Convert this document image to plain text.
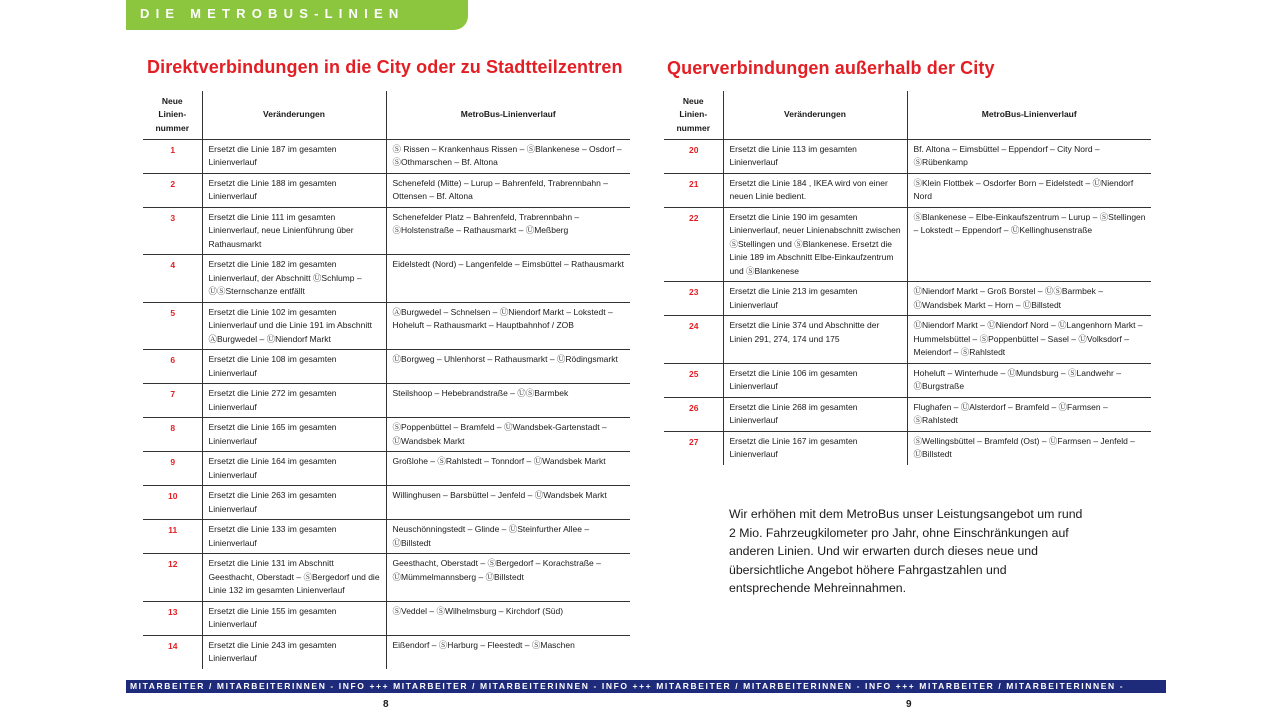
DIE METROBUS-LINIEN
Direktverbindungen in die City oder zu Stadtteilzentren Querverbindungen außerhalb der City
Neue Linien-nummer	Veränderungen	MetroBus-Linienverlauf
1	Ersetzt die Linie 187 im gesamten Linienverlauf	Ⓢ Rissen – Krankenhaus Rissen – ⓈBlankenese – Osdorf – ⓈOthmarschen – Bf. Altona
2	Ersetzt die Linie 188 im gesamten Linienverlauf	Schenefeld (Mitte) – Lurup – Bahrenfeld, Trabrennbahn – Ottensen – Bf. Altona
3	Ersetzt die Linie 111 im gesamten Linienverlauf, neue Linienführung über Rathausmarkt	Schenefelder Platz – Bahrenfeld, Trabrennbahn – ⓈHolstenstraße – Rathausmarkt – ⓊMeßberg
4	Ersetzt die Linie 182 im gesamten Linienverlauf, der Abschnitt ⓊSchlump – ⓊⓈSternschanze entfällt	Eidelstedt (Nord) – Langenfelde – Eimsbüttel – Rathausmarkt
5	Ersetzt die Linie 102 im gesamten Linienverlauf und die Linie 191 im Abschnitt ⒶBurgwedel – ⓊNiendorf Markt	ⒶBurgwedel – Schnelsen – ⓊNiendorf Markt – Lokstedt – Hoheluft – Rathausmarkt – Hauptbahnhof / ZOB
6	Ersetzt die Linie 108 im gesamten Linienverlauf	ⓊBorgweg – Uhlenhorst – Rathausmarkt – ⓊRödingsmarkt
7	Ersetzt die Linie 272 im gesamten Linienverlauf	Steilshoop – Hebebrandstraße – ⓊⓈBarmbek
8	Ersetzt die Linie 165 im gesamten Linienverlauf	ⓈPoppenbüttel – Bramfeld – ⓊWandsbek-Gartenstadt – ⓊWandsbek Markt
9	Ersetzt die Linie 164 im gesamten Linienverlauf	Großlohe – ⓈRahlstedt – Tonndorf – ⓊWandsbek Markt
10	Ersetzt die Linie 263 im gesamten Linienverlauf	Willinghusen – Barsbüttel – Jenfeld – ⓊWandsbek Markt
11	Ersetzt die Linie 133 im gesamten Linienverlauf	Neuschönningstedt – Glinde – ⓊSteinfurther Allee – ⓊBillstedt
12	Ersetzt die Linie 131 im Abschnitt Geesthacht, Oberstadt – ⓈBergedorf und die Linie 132 im gesamten Linienverlauf	Geesthacht, Oberstadt – ⓈBergedorf – Korachstraße – ⓊMümmelmannsberg – ⓊBillstedt
13	Ersetzt die Linie 155 im gesamten Linienverlauf	ⓈVeddel – ⓈWilhelmsburg – Kirchdorf (Süd)
14	Ersetzt die Linie 243 im gesamten Linienverlauf	Eißendorf – ⓈHarburg – Fleestedt – ⓈMaschen
Neue Linien-nummer	Veränderungen	MetroBus-Linienverlauf
20	Ersetzt die Linie 113 im gesamten Linienverlauf	Bf. Altona – Eimsbüttel – Eppendorf – City Nord – ⓈRübenkamp
21	Ersetzt die Linie 184 , IKEA wird von einer neuen Linie bedient.	ⓈKlein Flottbek – Osdorfer Born – Eidelstedt – ⓊNiendorf Nord
22	Ersetzt die Linie 190 im gesamten Linienverlauf, neuer Linienabschnitt zwischen ⓈStellingen und ⓈBlankenese. Ersetzt die Linie 189 im Abschnitt Elbe-Einkaufzentrum und ⓈBlankenese	ⓈBlankenese – Elbe-Einkaufszentrum – Lurup – ⓈStellingen – Lokstedt – Eppendorf – ⓊKellinghusenstraße
23	Ersetzt die Linie 213 im gesamten Linienverlauf	ⓊNiendorf Markt – Groß Borstel – ⓊⓈBarmbek – ⓊWandsbek Markt – Horn – ⓊBillstedt
24	Ersetzt die Linie 374 und Abschnitte der Linien 291, 274, 174 und 175	ⓊNiendorf Markt – ⓊNiendorf Nord – ⓊLangenhorn Markt – Hummelsbüttel – ⓈPoppenbüttel – Sasel – ⓊVolksdorf – Meiendorf – ⓈRahlstedt
25	Ersetzt die Linie 106 im gesamten Linienverlauf	Hoheluft – Winterhude – ⓊMundsburg – ⓈLandwehr – ⓊBurgstraße
26	Ersetzt die Linie 268 im gesamten Linienverlauf	Flughafen – ⓊAlsterdorf – Bramfeld – ⓊFarmsen – ⓈRahlstedt
27	Ersetzt die Linie 167 im gesamten Linienverlauf	ⓈWellingsbüttel – Bramfeld (Ost) – ⓊFarmsen – Jenfeld – ⓊBillstedt
Wir erhöhen mit dem MetroBus unser Leistungsangebot um rund 2 Mio. Fahrzeugkilometer pro Jahr, ohne Einschränkungen auf anderen Linien. Und wir erwarten durch dieses neue und übersichtliche Angebot höhere Fahrgastzahlen und entsprechende Mehreinnahmen.
MITARBEITER / MITARBEITERINNEN - INFO +++ MITARBEITER / MITARBEITERINNEN - INFO +++ MITARBEITER / MITARBEITERINNEN - INFO +++ MITARBEITER / MITARBEITERINNEN -
8	9
